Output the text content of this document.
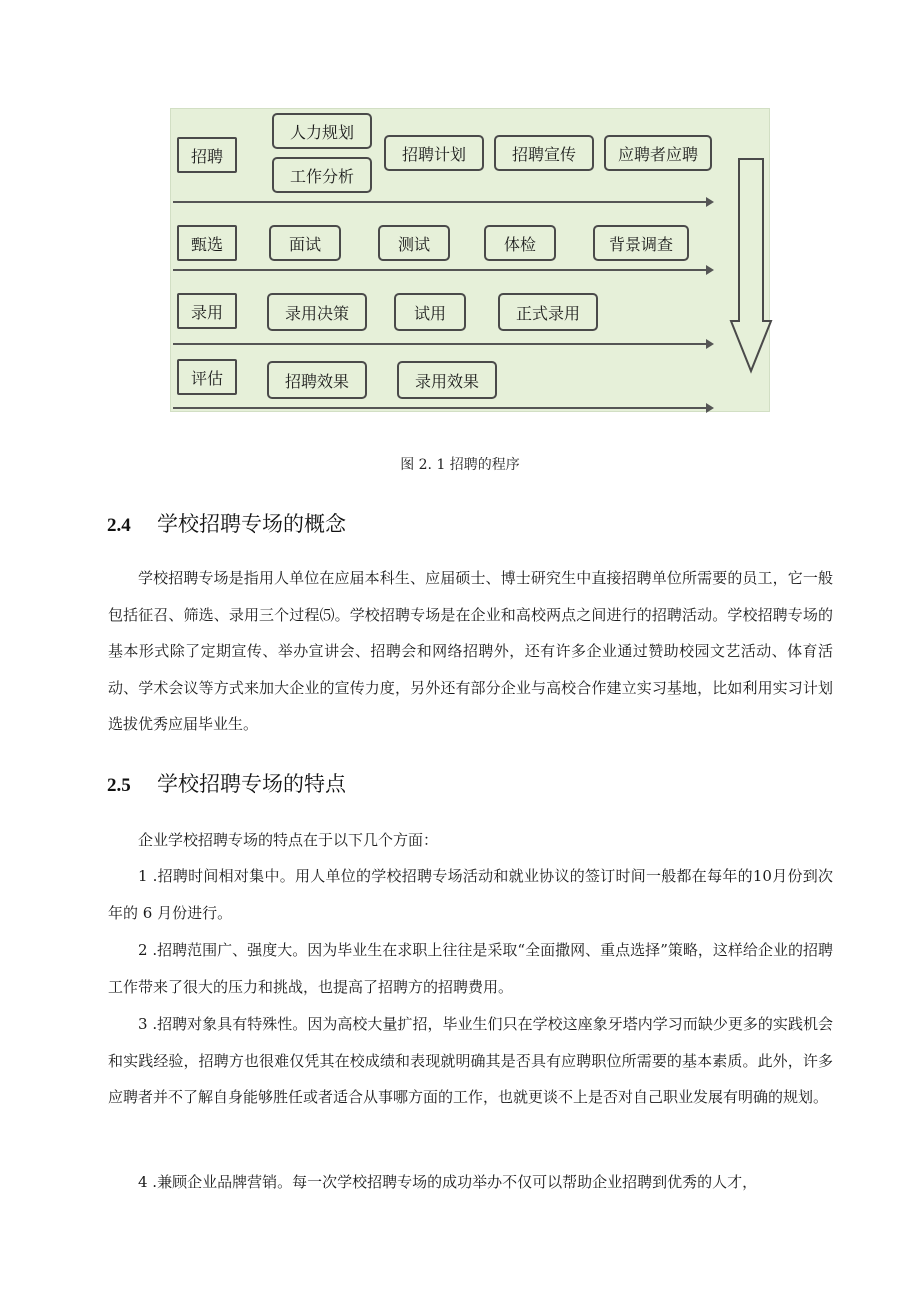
招聘
人力规划
工作分析
招聘计划	招聘宣传	应聘者应聘
甄选	面试	测试	体检	背景调查
录用	录用决策	试用	正式录用
评估	招聘效果	录用效果
图 2. 1 招聘的程序
2.4	学校招聘专场的概念

学校招聘专场是指用人单位在应届本科生、应届硕士、博士研究生中直接招聘单位所需要的员工，它一般包括征召、筛选、录用三个过程⑸。学校招聘专场是在企业和高校两点之间进行的招聘活动。学校招聘专场的基本形式除了定期宣传、举办宣讲会、招聘会和网络招聘外，还有许多企业通过赞助校园文艺活动、体育活动、学术会议等方式来加大企业的宣传力度，另外还有部分企业与高校合作建立实习基地，比如利用实习计划选拔优秀应届毕业生。

2.5	学校招聘专场的特点

企业学校招聘专场的特点在于以下几个方面：

1 .招聘时间相对集中。用人单位的学校招聘专场活动和就业协议的签订时间一般都在每年的10月份到次年的 6 月份进行。

2 .招聘范围广、强度大。因为毕业生在求职上往往是采取“全面撒网、重点选择”策略，这样给企业的招聘工作带来了很大的压力和挑战，也提高了招聘方的招聘费用。

3 .招聘对象具有特殊性。因为高校大量扩招，毕业生们只在学校这座象牙塔内学习而缺少更多的实践机会和实践经验，招聘方也很难仅凭其在校成绩和表现就明确其是否具有应聘职位所需要的基本素质。此外，许多应聘者并不了解自身能够胜任或者适合从事哪方面的工作，也就更谈不上是否对自己职业发展有明确的规划。

4 .兼顾企业品牌营销。每一次学校招聘专场的成功举办不仅可以帮助企业招聘到优秀的人才，
